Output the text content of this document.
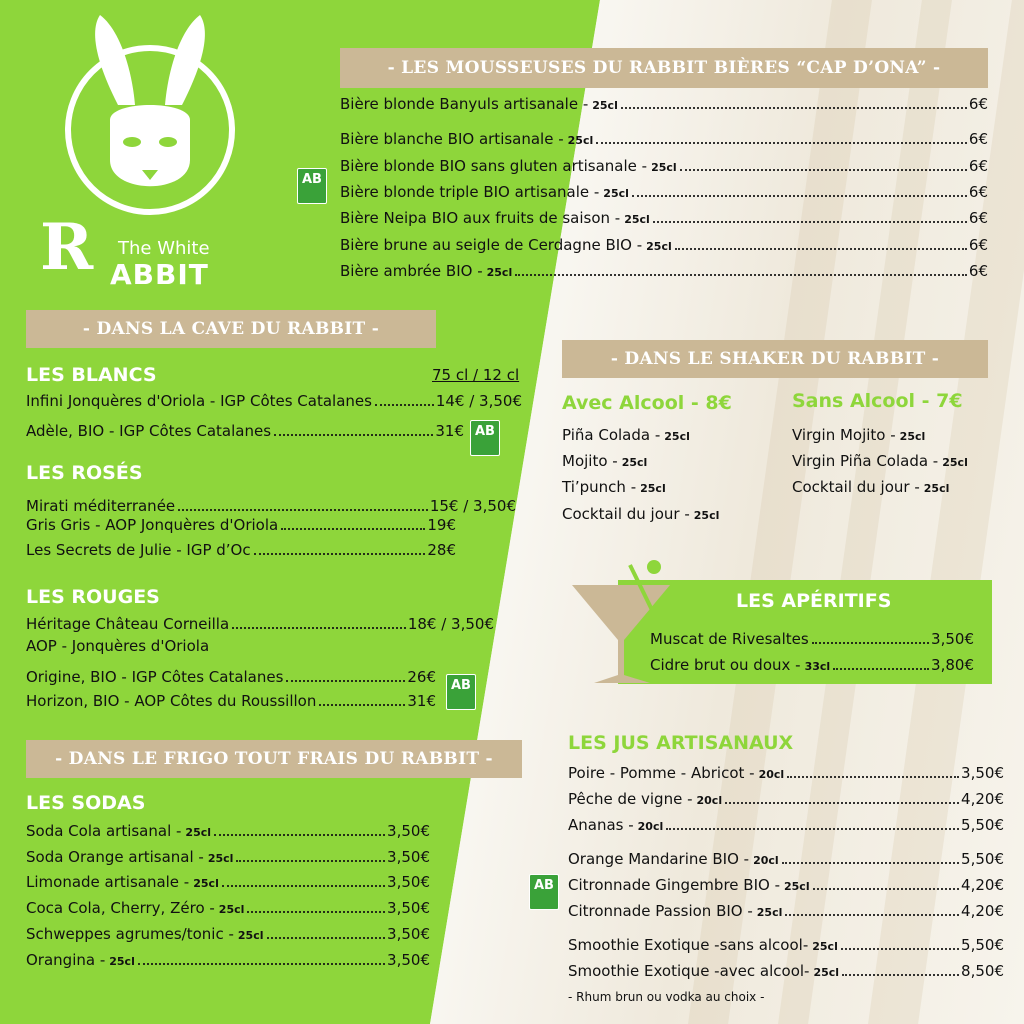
R The White
ABBIT
- LES MOUSSEUSES DU RABBIT BIÈRES “CAP D’ONA” -
AB
Bière blonde Banyuls artisanale - 25cl	6€
Bière blanche BIO artisanale - 25cl	6€
Bière blonde BIO sans gluten artisanale - 25cl	6€
Bière blonde triple BIO artisanale - 25cl	6€
Bière Neipa BIO aux fruits de saison - 25cl	6€
Bière brune au seigle de Cerdagne BIO - 25cl	6€
Bière ambrée BIO - 25cl	6€
- DANS LA CAVE DU RABBIT -
LES BLANCS	75 cl / 12 cl
Infini Jonquères d'Oriola - IGP Côtes Catalanes	14€ / 3,50€
Adèle, BIO - IGP Côtes Catalanes	31€ AB
LES ROSÉS
Mirati méditerranée	15€ / 3,50€
Gris Gris - AOP Jonquères d'Oriola	19€
Les Secrets de Julie - IGP d’Oc	28€
LES ROUGES
Héritage Château Corneilla	18€ / 3,50€
AOP - Jonquères d'Oriola
Origine, BIO - IGP Côtes Catalanes	26€
Horizon, BIO - AOP Côtes du Roussillon	31€
AB
- DANS LE FRIGO TOUT FRAIS DU RABBIT -
LES SODAS
Soda Cola artisanal - 25cl	3,50€
Soda Orange artisanal - 25cl	3,50€
Limonade artisanale - 25cl	3,50€
Coca Cola, Cherry, Zéro - 25cl	3,50€
Schweppes agrumes/tonic - 25cl	3,50€
Orangina - 25cl	3,50€
- DANS LE SHAKER DU RABBIT -
Avec Alcool - 8€	Sans Alcool - 7€
Piña Colada - 25cl
Mojito - 25cl
Ti’punch - 25cl
Cocktail du jour - 25cl
Virgin Mojito - 25cl
Virgin Piña Colada - 25cl
Cocktail du jour - 25cl
LES APÉRITIFS
Muscat de Rivesaltes	3,50€
Cidre brut ou doux - 33cl	3,80€
LES JUS ARTISANAUX
Poire - Pomme - Abricot - 20cl	3,50€
Pêche de vigne - 20cl	4,20€
Ananas - 20cl	5,50€
Orange Mandarine BIO - 20cl	5,50€
Citronnade Gingembre BIO - 25cl	4,20€
Citronnade Passion BIO - 25cl	4,20€
Smoothie Exotique -sans alcool- 25cl	5,50€
Smoothie Exotique -avec alcool- 25cl	8,50€
AB
- Rhum brun ou vodka au choix -
